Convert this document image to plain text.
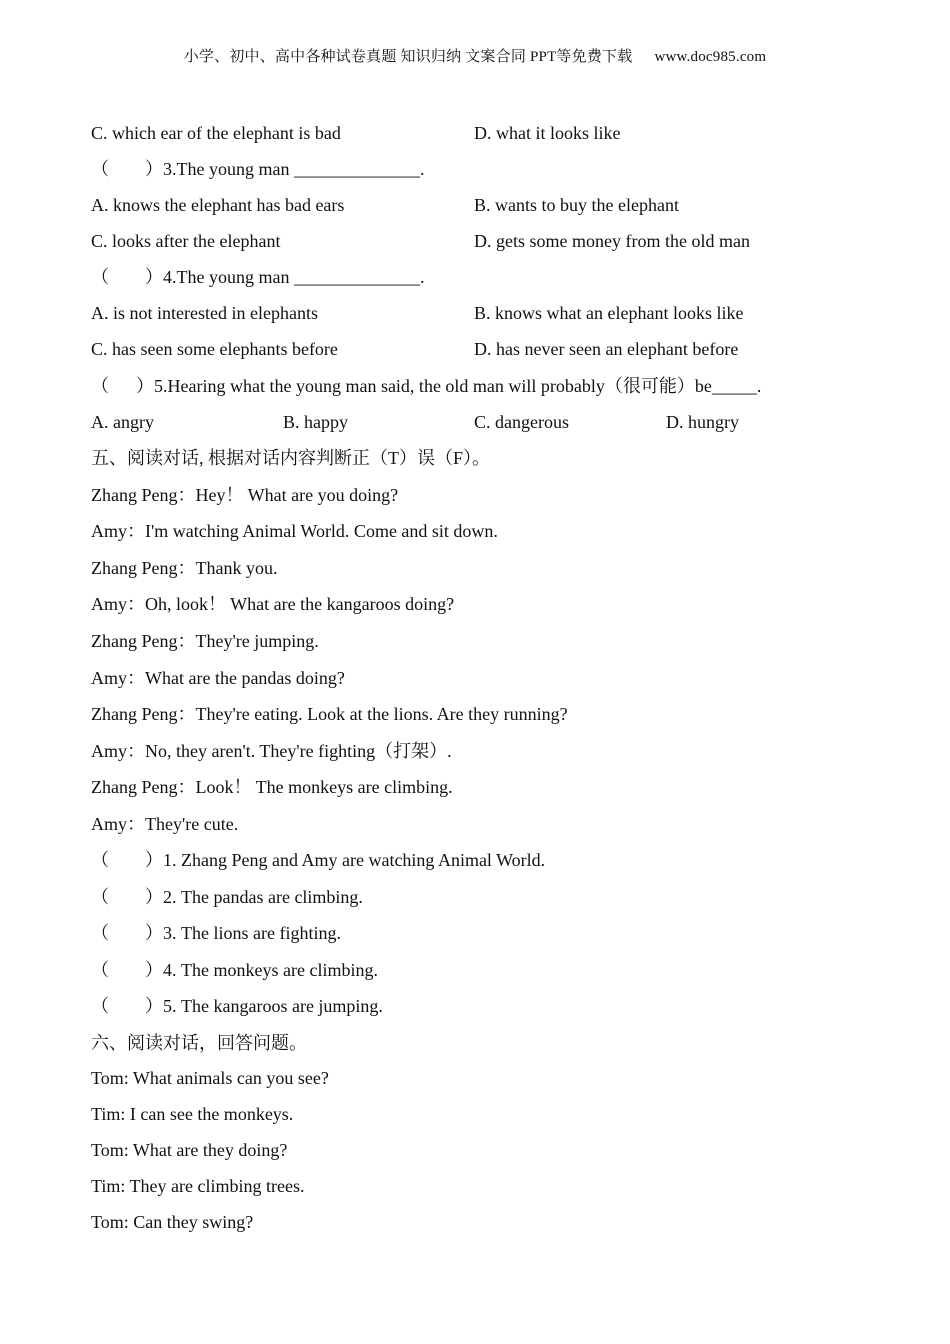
小学、初中、高中各种试卷真题 知识归纳 文案合同 PPT等免费下载 www.doc985.com
C. which ear of the elephant is bad	D. what it looks like
（        ）3.The young man ______________.
A. knows the elephant has bad ears	B. wants to buy the elephant
C. looks after the elephant	D. gets some money from the old man
（        ）4.The young man ______________.
A. is not interested in elephants	B. knows what an elephant looks like
C. has seen some elephants before	D. has never seen an elephant before
（      ）5.Hearing what the young man said, the old man will probably（很可能）be_____.
A. angry	B. happy	C. dangerous	D. hungry
五、阅读对话, 根据对话内容判断正（T）误（F）。
Zhang Peng：Hey！ What are you doing?
Amy：I'm watching Animal World. Come and sit down.
Zhang Peng：Thank you.
Amy：Oh, look！ What are the kangaroos doing?
Zhang Peng：They're jumping.
Amy：What are the pandas doing?
Zhang Peng：They're eating. Look at the lions. Are they running?
Amy：No, they aren't. They're fighting（打架）.
Zhang Peng：Look！ The monkeys are climbing.
Amy：They're cute.
（        ）1. Zhang Peng and Amy are watching Animal World.
（        ）2. The pandas are climbing.
（        ）3. The lions are fighting.
（        ）4. The monkeys are climbing.
（        ）5. The kangaroos are jumping.
六、阅读对话，回答问题。
Tom: What animals can you see?
Tim: I can see the monkeys.
Tom: What are they doing?
Tim: They are climbing trees.
Tom: Can they swing?
